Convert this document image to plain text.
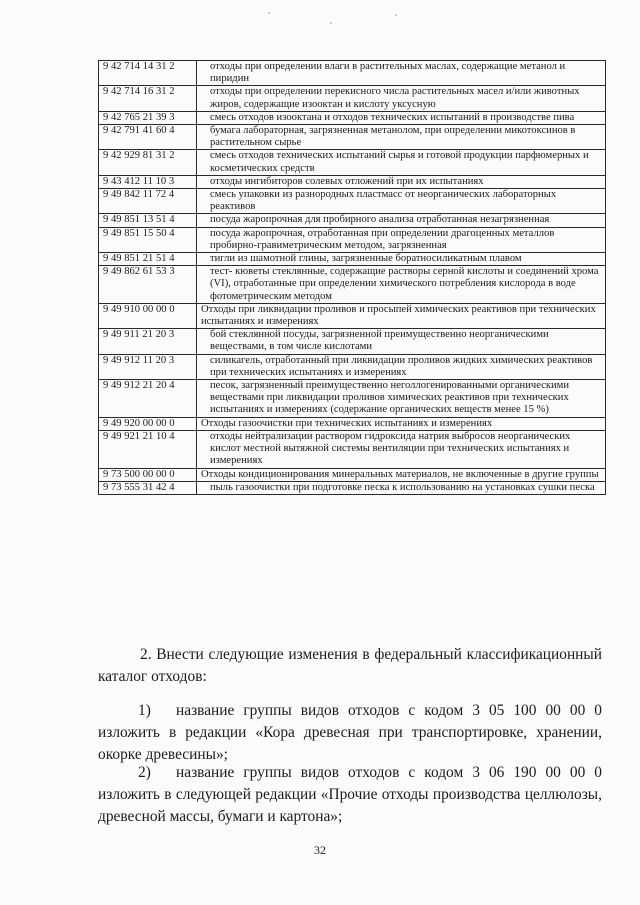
9 42 714 14 31 2	отходы при определении влаги в растительных маслах, содержащие метанол и пиридин
9 42 714 16 31 2	отходы при определении перекисного числа растительных масел и/или животных жиров, содержащие изооктан и кислоту уксусную
9 42 765 21 39 3	смесь отходов изооктана и отходов технических испытаний в производстве пива
9 42 791 41 60 4	бумага лабораторная, загрязненная метанолом, при определении микотоксинов в растительном сырье
9 42 929 81 31 2	смесь отходов технических испытаний сырья и готовой продукции парфюмерных и косметических средств
9 43 412 11 10 3	отходы ингибиторов солевых отложений при их испытаниях
9 49 842 11 72 4	смесь упаковки из разнородных пластмасс от неорганических лабораторных реактивов
9 49 851 13 51 4	посуда жаропрочная для пробирного анализа отработанная незагрязненная
9 49 851 15 50 4	посуда жаропрочная, отработанная при определении драгоценных металлов пробирно-гравиметрическим методом, загрязненная
9 49 851 21 51 4	тигли из шамотной глины, загрязненные боратносиликатным плавом
9 49 862 61 53 3	тест- кюветы стеклянные, содержащие растворы серной кислоты и соединений хрома (VI), отработанные при определении химического потребления кислорода в воде фотометрическим методом
9 49 910 00 00 0	Отходы при ликвидации проливов и просыпей химических реактивов при технических испытаниях и измерениях
9 49 911 21 20 3	бой стеклянной посуды, загрязненной преимущественно неорганическими веществами, в том числе кислотами
9 49 912 11 20 3	силикагель, отработанный при ликвидации проливов жидких химических реактивов при технических испытаниях и измерениях
9 49 912 21 20 4	песок, загрязненный преимущественно неголлогенированными органическими веществами при ликвидации проливов химических реактивов при технических испытаниях и измерениях (содержание органических веществ менее 15 %)
9 49 920 00 00 0	Отходы газоочистки при технических испытаниях и измерениях
9 49 921 21 10 4	отходы нейтрализации раствором гидроксида натрия выбросов неорганических кислот местной вытяжной системы вентиляции при технических испытаниях и измерениях
9 73 500 00 00 0	Отходы кондиционирования минеральных материалов, не включенные в другие группы
9 73 555 31 42 4	пыль газоочистки при подготовке песка к использованию на установках сушки песка
2. Внести следующие изменения в федеральный классификационный каталог отходов:
1) название группы видов отходов с кодом 3 05 100 00 00 0 изложить в редакции «Кора древесная при транспортировке, хранении, окорке древесины»;
2) название группы видов отходов с кодом 3 06 190 00 00 0 изложить в следующей редакции «Прочие отходы производства целлюлозы, древесной массы, бумаги и картона»;
32
